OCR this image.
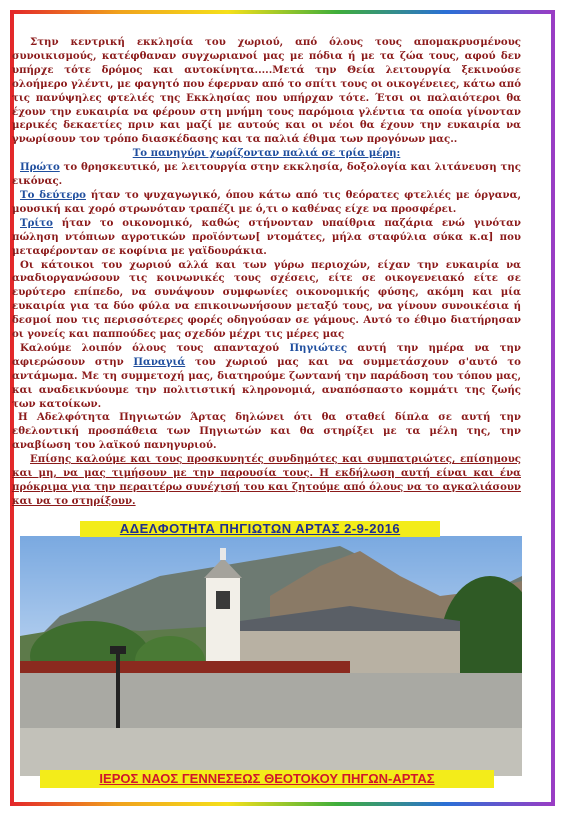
Στην κεντρική εκκλησία του χωριού, από όλους τους απομακρυσμένους συνοικισμούς, κατέφθαναν συγχωριανοί μας με πόδια ή με τα ζώα τους, αφού δεν υπήρχε τότε δρόμος και αυτοκίνητα.....Μετά την Θεία λειτουργία ξεκινούσε ολοήμερο γλέντι, με φαγητό που έφερναν από το σπίτι τους οι οικογένειες, κάτω από τις πανύψηλες φτελιές της Εκκλησίας που υπήρχαν τότε. Έτσι οι παλαιότεροι θα έχουν την ευκαιρία να φέρουν στη μνήμη τους παρόμοια γλέντια τα οποία γίνονταν μερικές δεκαετίες πριν και μαζί με αυτούς και οι νέοι θα έχουν την ευκαιρία να γνωρίσουν τον τρόπο διασκέδασης και τα παλιά έθιμα των προγόνων μας..

Το πανηγύρι χωρίζονταν παλιά σε τρία μέρη:

Πρώτο το θρησκευτικό, με λειτουργία στην εκκλησία, δοξολογία και λιτάνευση της εικόνας.

Το δεύτερο ήταν το ψυχαγωγικό, όπου κάτω από τις θεόρατες φτελιές με όργανα, μουσική και χορό στρωνόταν τραπέζι με ό,τι ο καθένας είχε να προσφέρει.

Τρίτο ήταν το οικονομικό, καθώς στήνονταν υπαίθρια παζάρια ενώ γινόταν πώληση ντόπιων αγροτικών προϊόντων[ ντομάτες, μήλα σταφύλια σύκα κ.α] που μεταφέρονταν σε κοφίνια με γαϊδουράκια.

Οι κάτοικοι του χωριού αλλά και των γύρω περιοχών, είχαν την ευκαιρία να αναδιοργανώσουν τις κοινωνικές τους σχέσεις, είτε σε οικογενειακό είτε σε ευρύτερο επίπεδο, να συνάψουν συμφωνίες οικονομικής φύσης, ακόμη και μία ευκαιρία για τα δύο φύλα να επικοινωνήσουν μεταξύ τους, να γίνουν συνοικέσια ή δεσμοί που τις περισσότερες φορές οδηγούσαν σε γάμους. Αυτό το έθιμο διατήρησαν οι γονείς και παππούδες μας σχεδόν μέχρι τις μέρες μας

Καλούμε λοιπόν όλους τους απανταχού Πηγιώτες αυτή την ημέρα να την αφιερώσουν στην Παναγιά του χωριού μας και να συμμετάσχουν σ'αυτό το αντάμωμα. Με τη συμμετοχή μας, διατηρούμε ζωντανή την παράδοση του τόπου μας, και αναδεικνύουμε την πολιτιστική κληρονομιά, αναπόσπαστο κομμάτι της ζωής των κατοίκων.

Η Αδελφότητα Πηγιωτών Άρτας δηλώνει ότι θα σταθεί δίπλα σε αυτή την εθελοντική προσπάθεια των Πηγιωτών και θα στηρίξει με τα μέλη της, την αναβίωση του λαϊκού πανηγυριού.

Επίσης καλούμε και τους προσκυνητές συνδημότες και συμπατριώτες, επίσημους και μη, να μας τιμήσουν με την παρουσία τους. Η εκδήλωση αυτή είναι και ένα πρόκριμα για την περαιτέρω συνέχισή του και ζητούμε από όλους να το αγκαλιάσουν και να το στηρίξουν.

ΑΔΕΛΦΟΤΗΤΑ ΠΗΓΙΩΤΩΝ ΑΡΤΑΣ 2-9-2016
ΙΕΡΟΣ ΝΑΟΣ ΓΕΝΝΕΣΕΩΣ ΘΕΟΤΟΚΟΥ ΠΗΓΩΝ-ΑΡΤΑΣ
